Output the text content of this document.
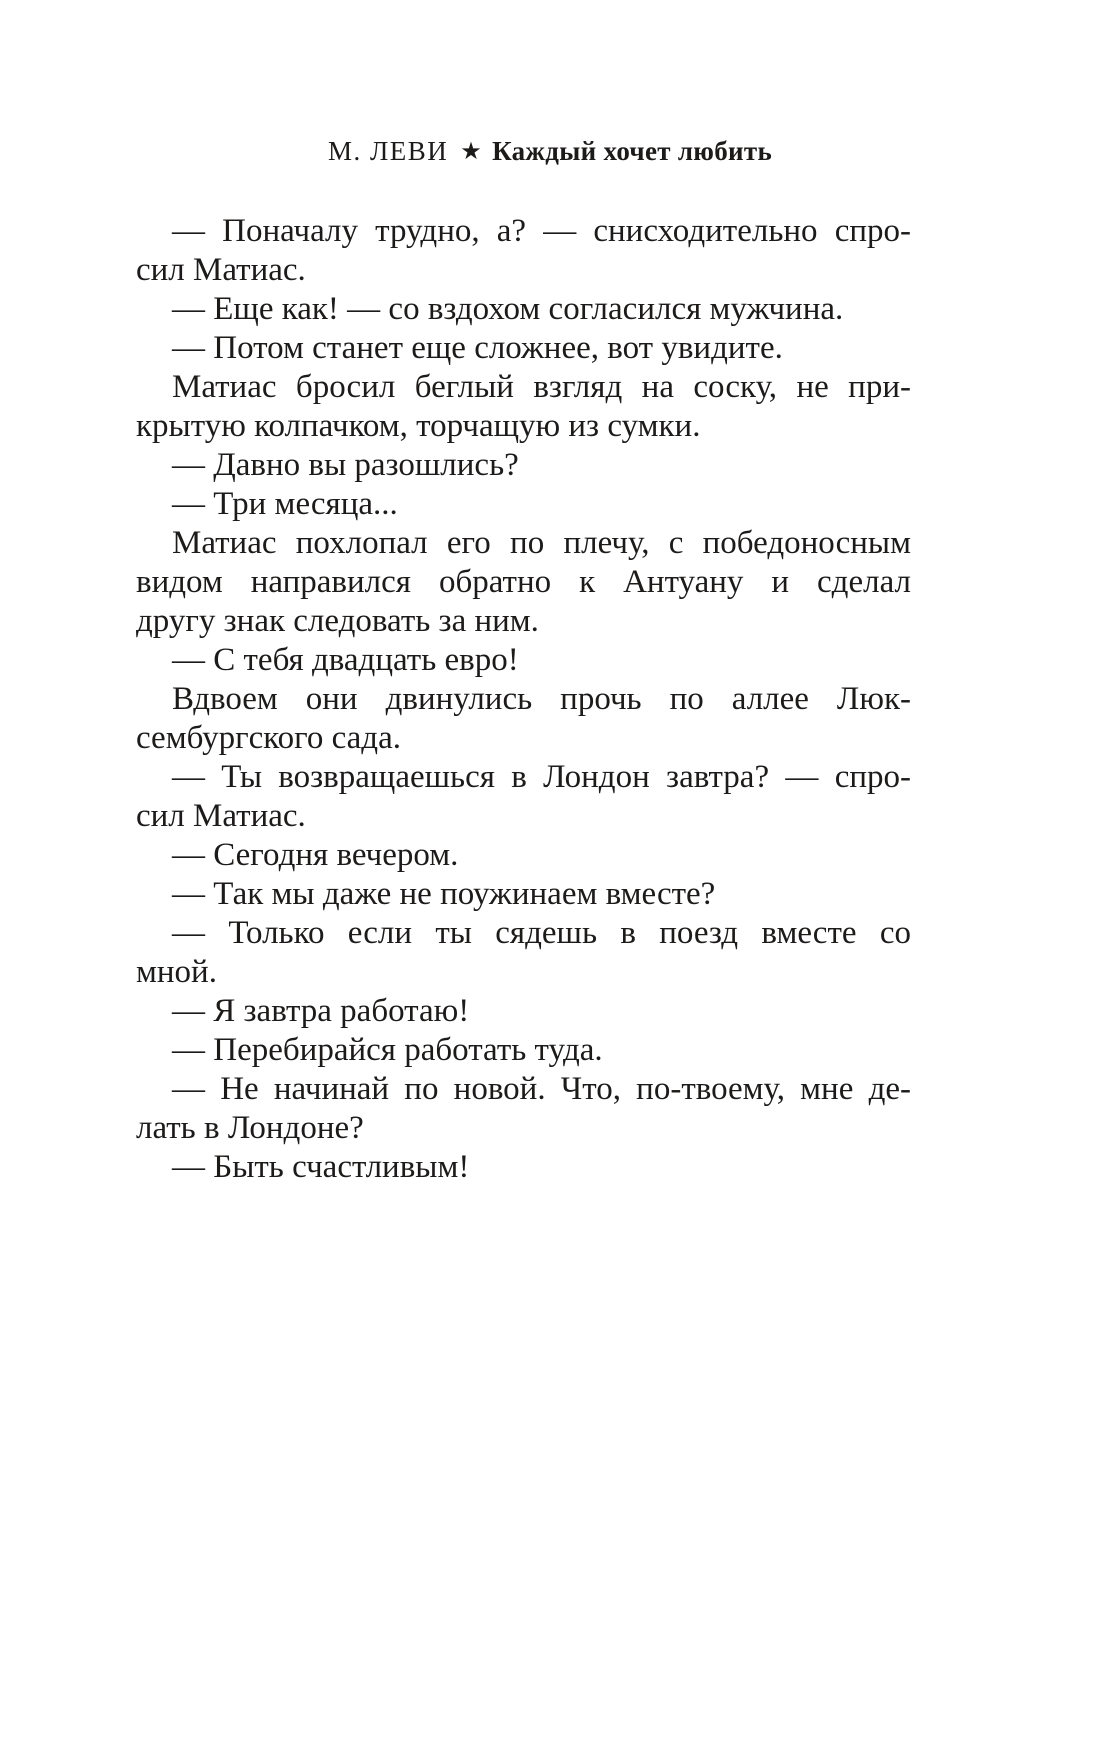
М. ЛЕВИ ★ Каждый хочет любить
— Поначалу трудно, а? — снисходительно спро-
сил Матиас.
— Еще как! — со вздохом согласился мужчина.
— Потом станет еще сложнее, вот увидите.
Матиас бросил беглый взгляд на соску, не при-
крытую колпачком, торчащую из сумки.
— Давно вы разошлись?
— Три месяца...
Матиас похлопал его по плечу, с победоносным
видом направился обратно к Антуану и сделал
другу знак следовать за ним.
— С тебя двадцать евро!
Вдвоем они двинулись прочь по аллее Люк-
сембургского сада.
— Ты возвращаешься в Лондон завтра? — спро-
сил Матиас.
— Сегодня вечером.
— Так мы даже не поужинаем вместе?
— Только если ты сядешь в поезд вместе со
мной.
— Я завтра работаю!
— Перебирайся работать туда.
— Не начинай по новой. Что, по-твоему, мне де-
лать в Лондоне?
— Быть счастливым!
